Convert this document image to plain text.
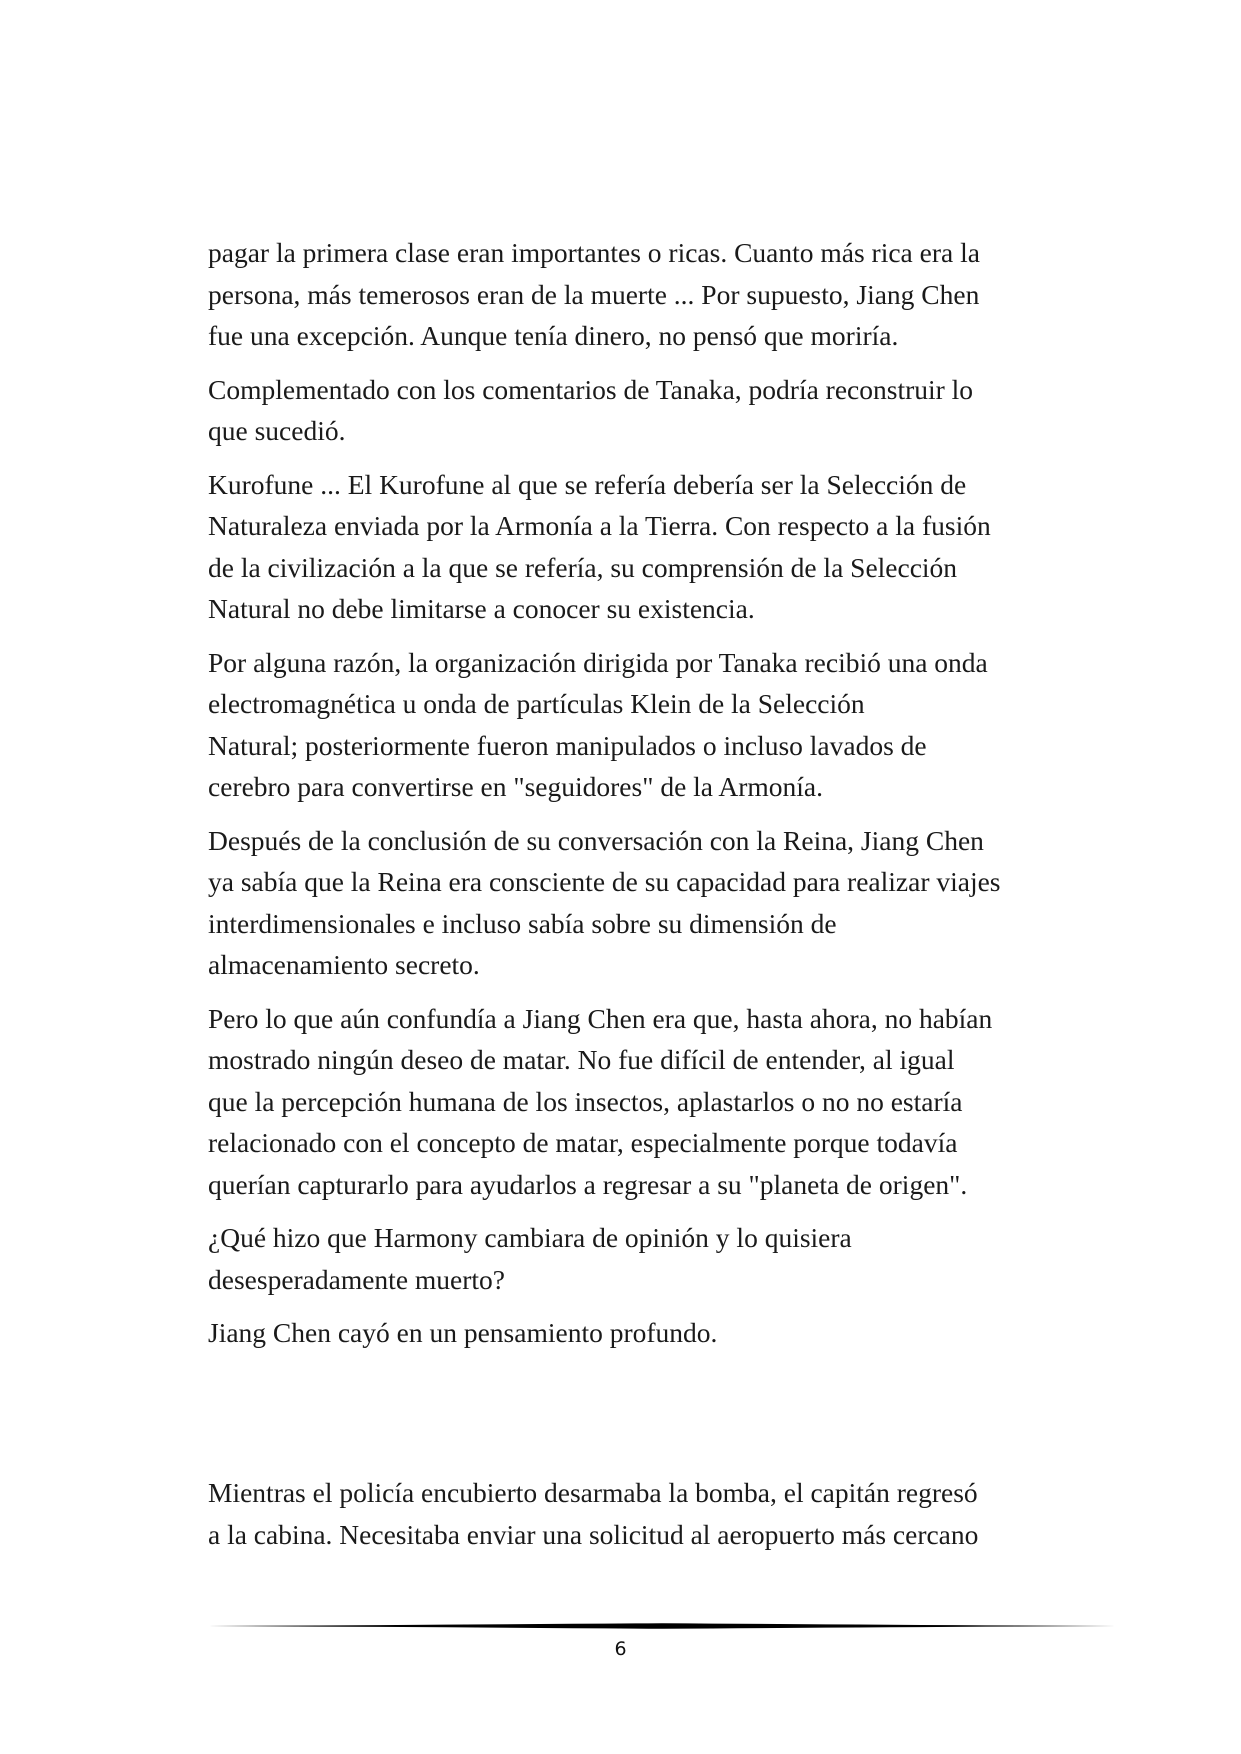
pagar la primera clase eran importantes o ricas. Cuanto más rica era la
persona, más temerosos eran de la muerte ... Por supuesto, Jiang Chen
fue una excepción. Aunque tenía dinero, no pensó que moriría.

Complementado con los comentarios de Tanaka, podría reconstruir lo
que sucedió.

Kurofune ... El Kurofune al que se refería debería ser la Selección de
Naturaleza enviada por la Armonía a la Tierra. Con respecto a la fusión
de la civilización a la que se refería, su comprensión de la Selección
Natural no debe limitarse a conocer su existencia.

Por alguna razón, la organización dirigida por Tanaka recibió una onda
electromagnética u onda de partículas Klein de la Selección
Natural; posteriormente fueron manipulados o incluso lavados de
cerebro para convertirse en "seguidores" de la Armonía.

Después de la conclusión de su conversación con la Reina, Jiang Chen
ya sabía que la Reina era consciente de su capacidad para realizar viajes
interdimensionales e incluso sabía sobre su dimensión de
almacenamiento secreto.

Pero lo que aún confundía a Jiang Chen era que, hasta ahora, no habían
mostrado ningún deseo de matar. No fue difícil de entender, al igual
que la percepción humana de los insectos, aplastarlos o no no estaría
relacionado con el concepto de matar, especialmente porque todavía
querían capturarlo para ayudarlos a regresar a su "planeta de origen".

¿Qué hizo que Harmony cambiara de opinión y lo quisiera
desesperadamente muerto?

Jiang Chen cayó en un pensamiento profundo.

Mientras el policía encubierto desarmaba la bomba, el capitán regresó
a la cabina. Necesitaba enviar una solicitud al aeropuerto más cercano

6
